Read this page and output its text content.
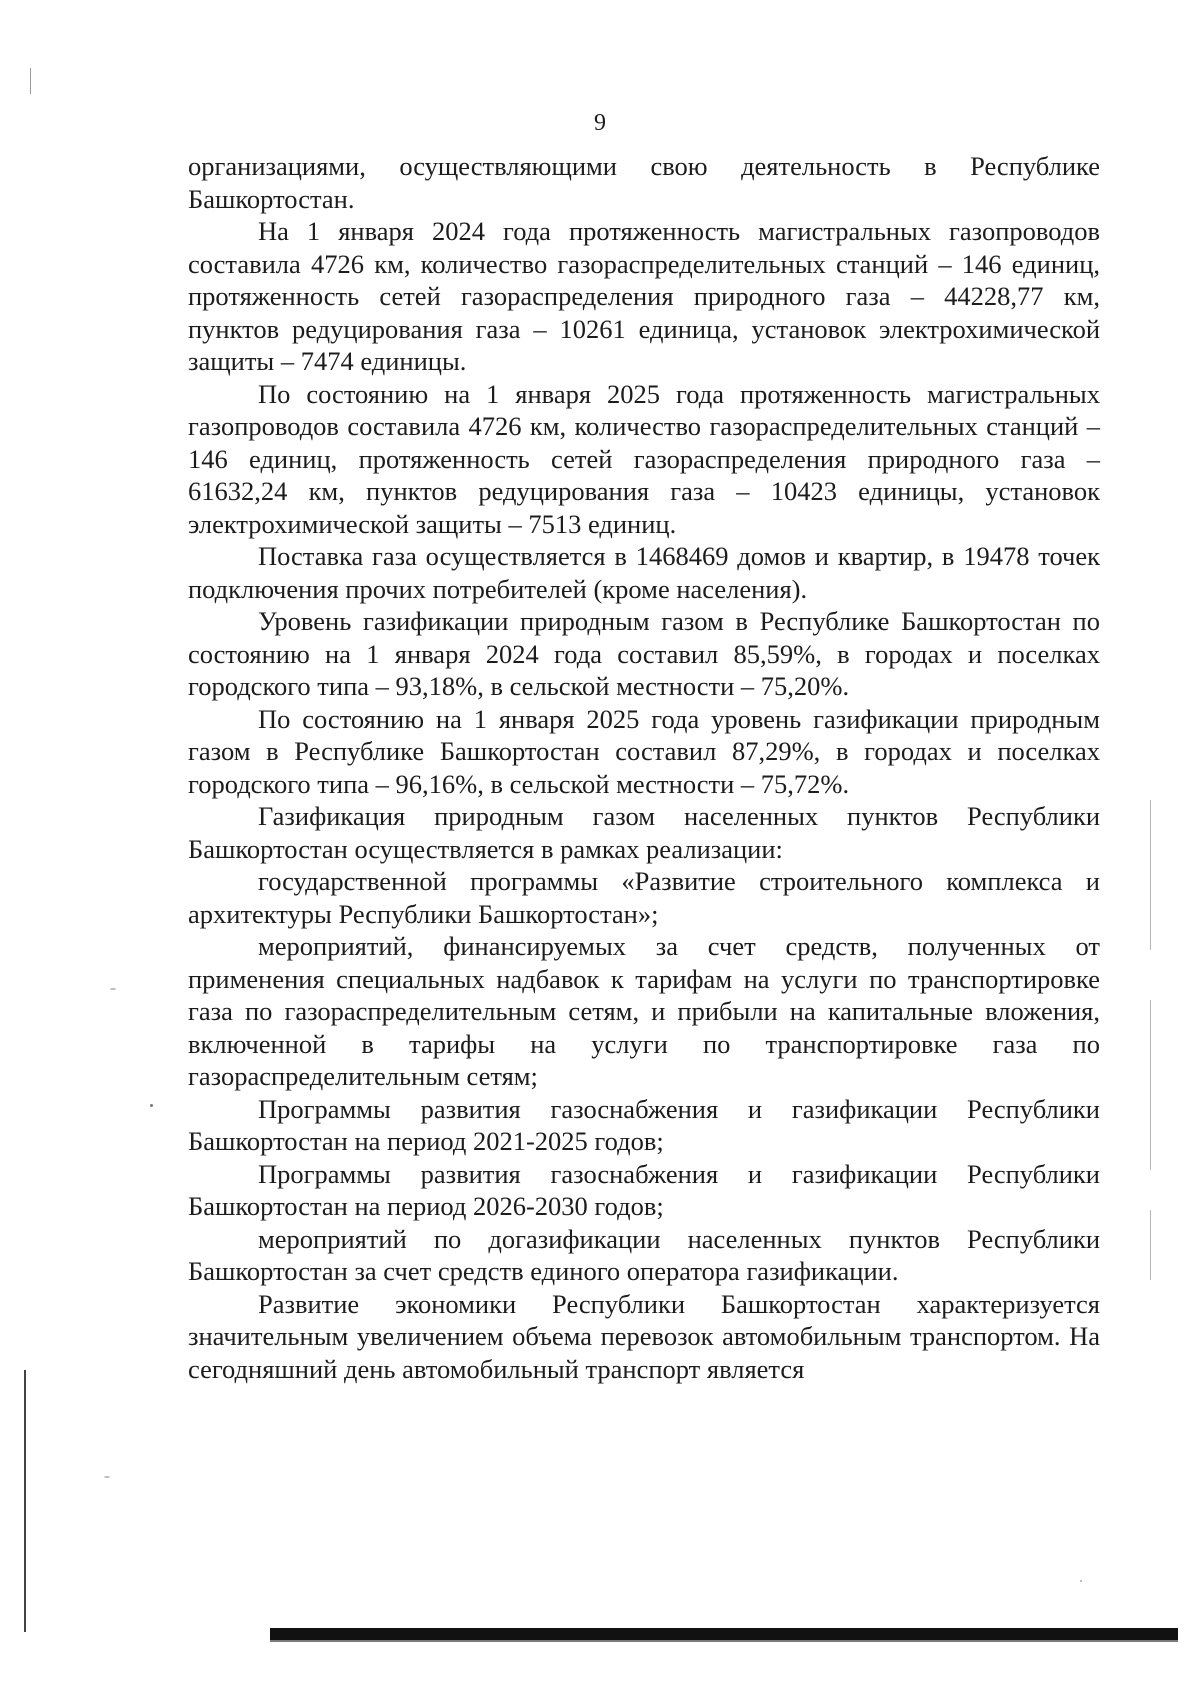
9

организациями, осуществляющими свою деятельность в Республике Башкортостан.

На 1 января 2024 года протяженность магистральных газопроводов составила 4726 км, количество газораспределительных станций – 146 единиц, протяженность сетей газораспределения природного газа – 44228,77 км, пунктов редуцирования газа – 10261 единица, установок электрохимической защиты – 7474 единицы.

По состоянию на 1 января 2025 года протяженность магистральных газопроводов составила 4726 км, количество газораспределительных станций – 146 единиц, протяженность сетей газораспределения природного газа – 61632,24 км, пунктов редуцирования газа – 10423 единицы, установок электрохимической защиты – 7513 единиц.

Поставка газа осуществляется в 1468469 домов и квартир, в 19478 точек подключения прочих потребителей (кроме населения).

Уровень газификации природным газом в Республике Башкортостан по состоянию на 1 января 2024 года составил 85,59%, в городах и поселках городского типа – 93,18%, в сельской местности – 75,20%.

По состоянию на 1 января 2025 года уровень газификации природным газом в Республике Башкортостан составил 87,29%, в городах и поселках городского типа – 96,16%, в сельской местности – 75,72%.

Газификация природным газом населенных пунктов Республики Башкортостан осуществляется в рамках реализации:

государственной программы «Развитие строительного комплекса и архитектуры Республики Башкортостан»;

мероприятий, финансируемых за счет средств, полученных от применения специальных надбавок к тарифам на услуги по транспортировке газа по газораспределительным сетям, и прибыли на капитальные вложения, включенной в тарифы на услуги по транспортировке газа по газораспределительным сетям;

Программы развития газоснабжения и газификации Республики Башкортостан на период 2021-2025 годов;

Программы развития газоснабжения и газификации Республики Башкортостан на период 2026-2030 годов;

мероприятий по догазификации населенных пунктов Республики Башкортостан за счет средств единого оператора газификации.

Развитие экономики Республики Башкортостан характеризуется значительным увеличением объема перевозок автомобильным транспортом. На сегодняшний день автомобильный транспорт является
